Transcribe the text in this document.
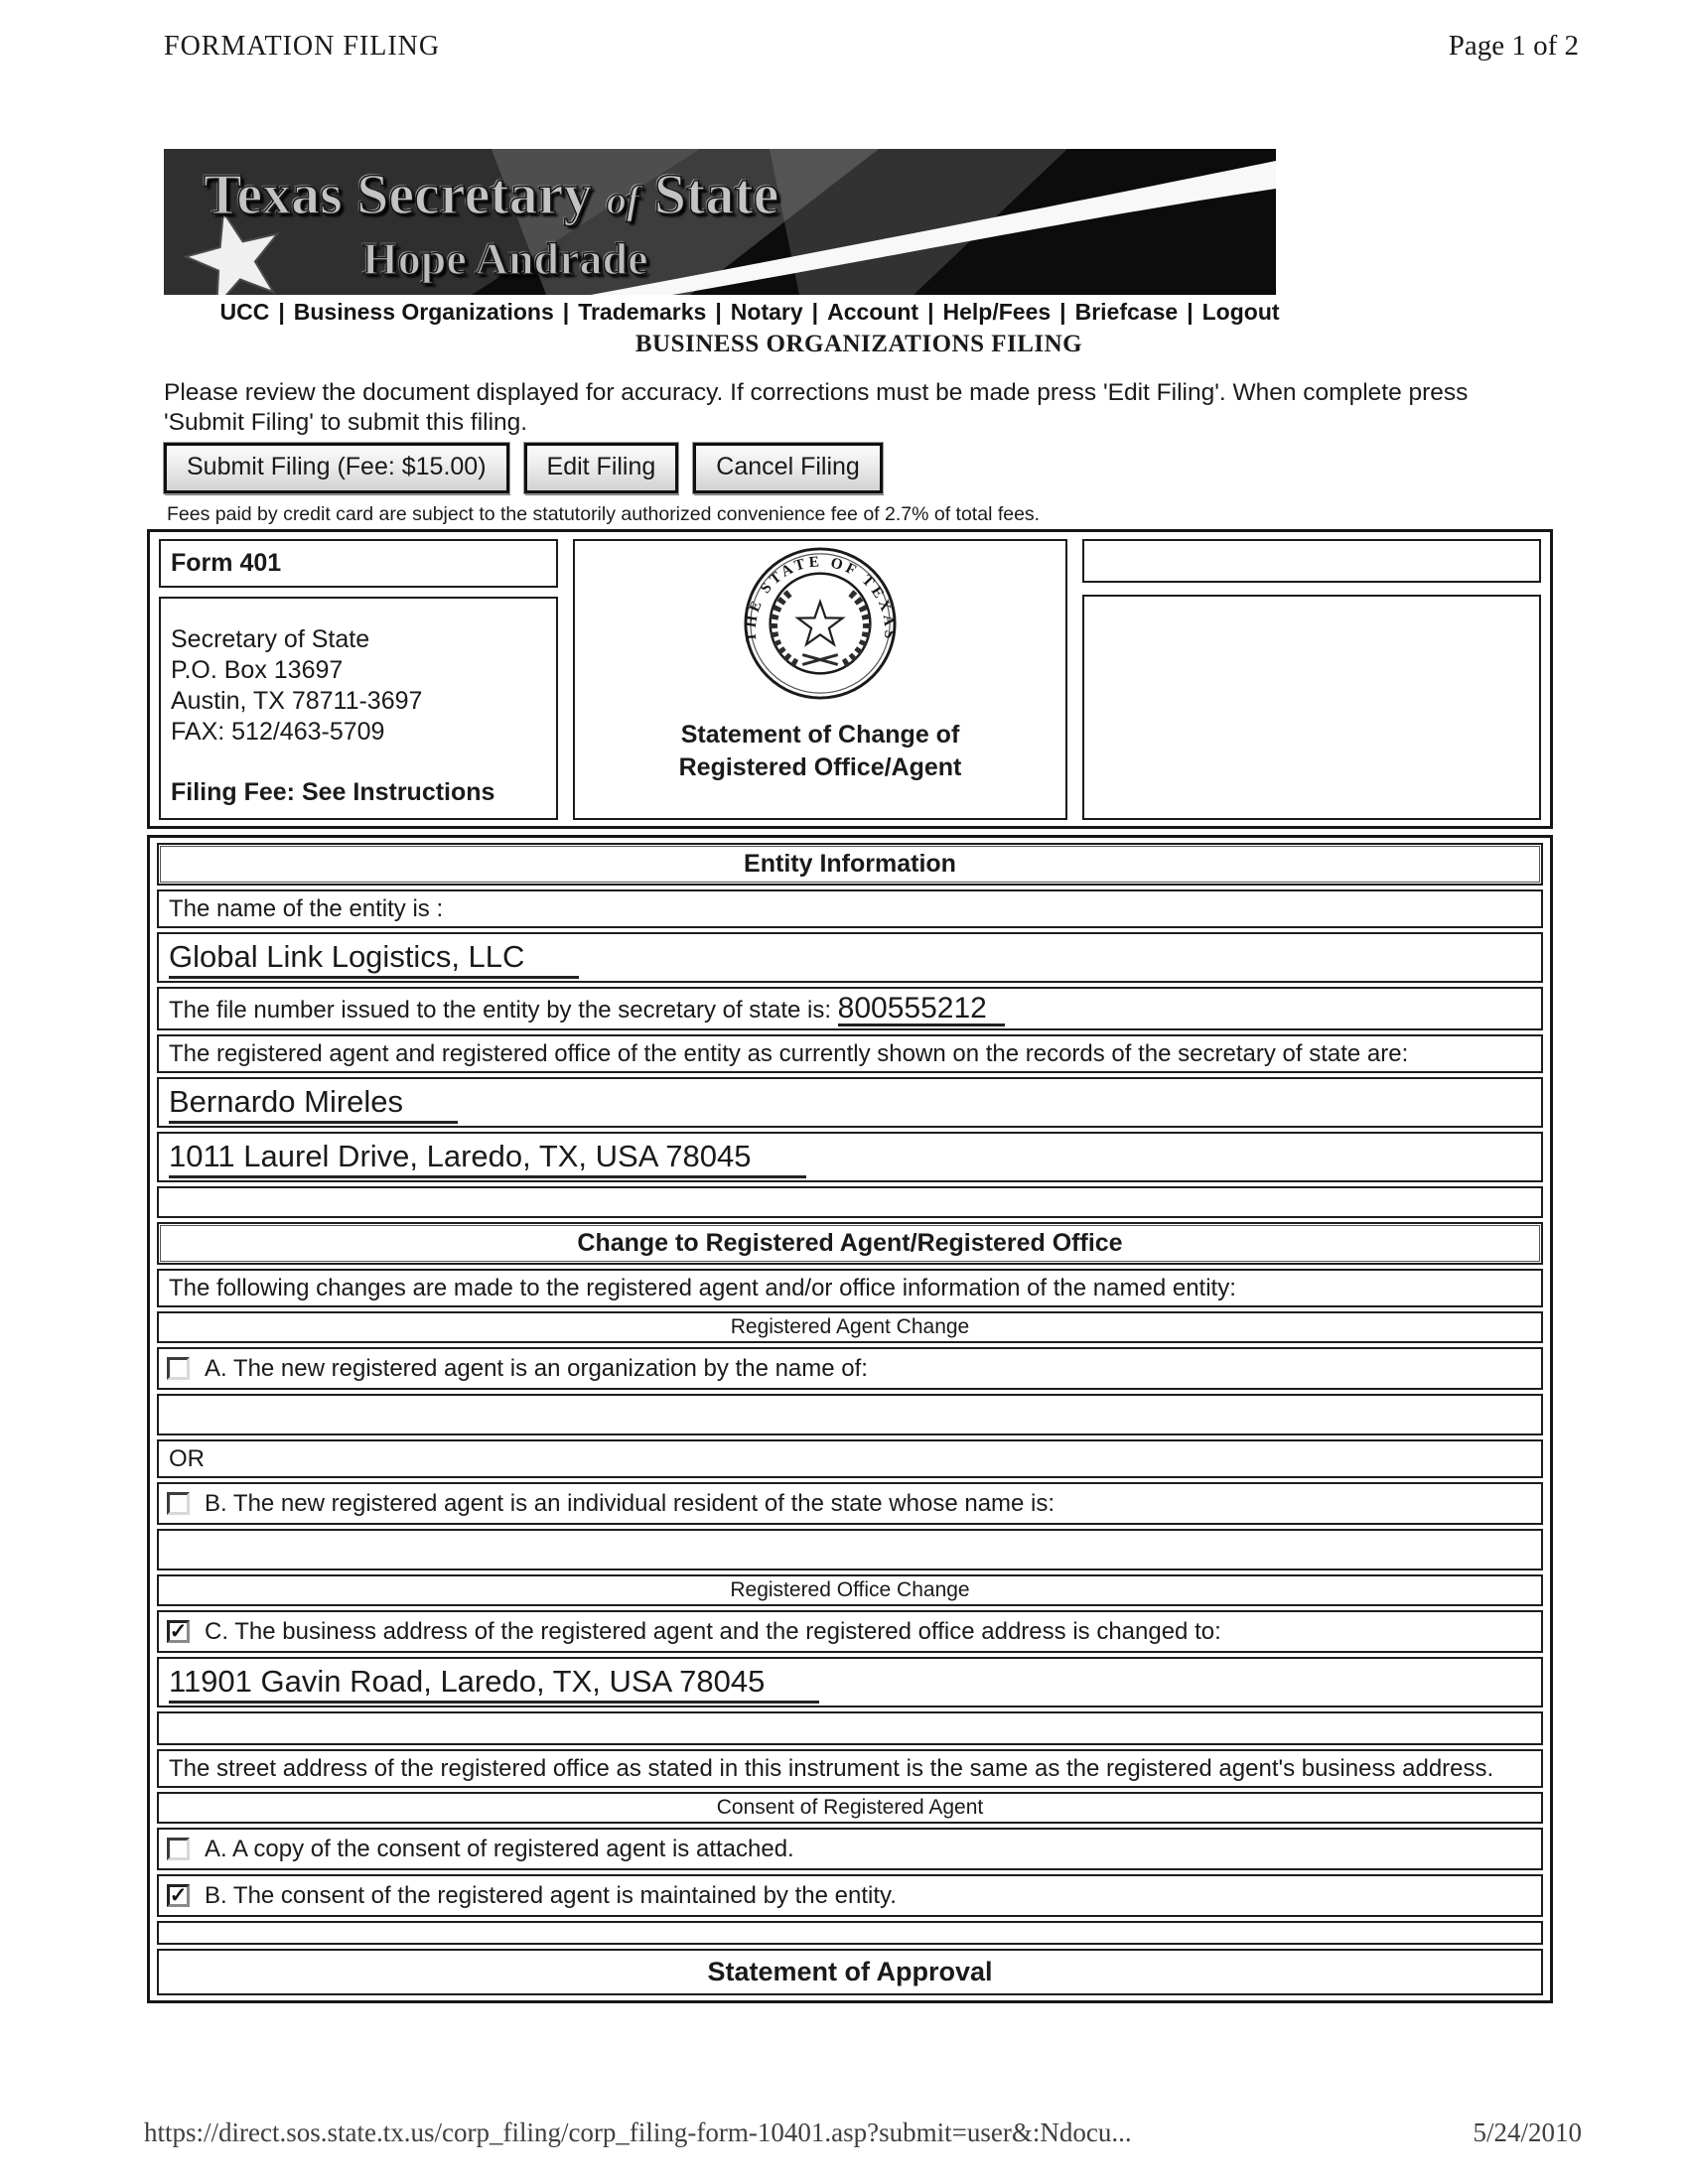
FORMATION FILING	Page 1 of 2
Texas Secretary of State
Hope Andrade
UCC | Business Organizations | Trademarks | Notary | Account | Help/Fees | Briefcase | Logout
BUSINESS ORGANIZATIONS FILING
Please review the document displayed for accuracy. If corrections must be made press 'Edit Filing'. When complete press 'Submit Filing' to submit this filing.
Submit Filing (Fee: $15.00)	Edit Filing	Cancel Filing
Fees paid by credit card are subject to the statutorily authorized convenience fee of 2.7% of total fees.
Form 401
Secretary of State
P.O. Box 13697
Austin, TX 78711-3697
FAX: 512/463-5709
Filing Fee: See Instructions
THE STATE OF TEXAS
Statement of Change of
Registered Office/Agent
Entity Information
The name of the entity is :
Global Link Logistics, LLC
The file number issued to the entity by the secretary of state is: 800555212
The registered agent and registered office of the entity as currently shown on the records of the secretary of state are:
Bernardo Mireles
1011 Laurel Drive, Laredo, TX, USA 78045
Change to Registered Agent/Registered Office
The following changes are made to the registered agent and/or office information of the named entity:
Registered Agent Change
A. The new registered agent is an organization by the name of:
OR
B. The new registered agent is an individual resident of the state whose name is:
Registered Office Change
✓ C. The business address of the registered agent and the registered office address is changed to:
11901 Gavin Road, Laredo, TX, USA 78045
The street address of the registered office as stated in this instrument is the same as the registered agent's business address.
Consent of Registered Agent
A. A copy of the consent of registered agent is attached.
✓ B. The consent of the registered agent is maintained by the entity.
Statement of Approval
https://direct.sos.state.tx.us/corp_filing/corp_filing-form-10401.asp?submit=user&:Ndocu...	5/24/2010
